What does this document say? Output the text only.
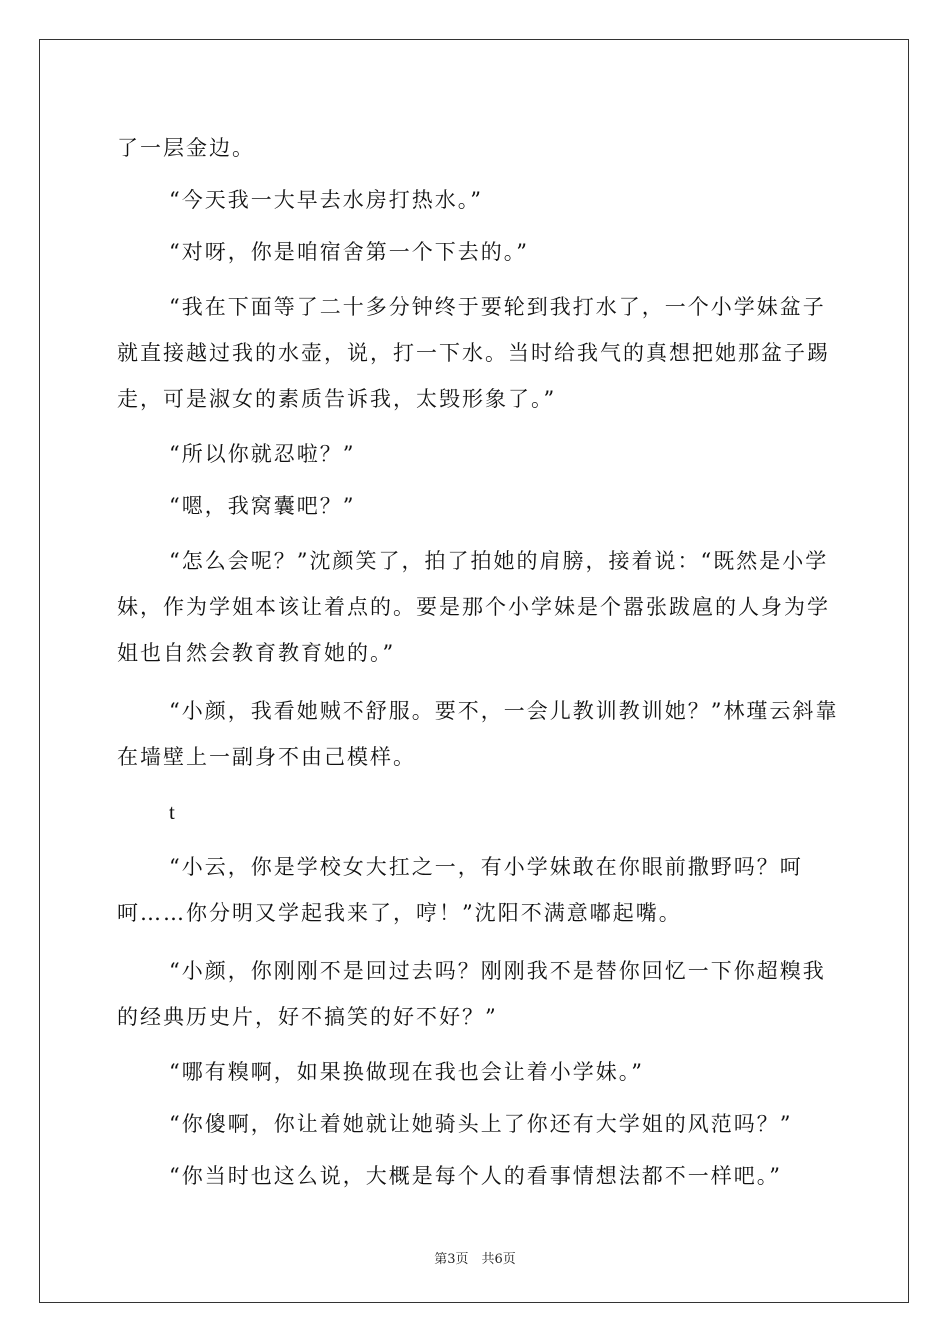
了一层金边。

“今天我一大早去水房打热水。”

“对呀，你是咱宿舍第一个下去的。”

“我在下面等了二十多分钟终于要轮到我打水了，一个小学妹盆子就直接越过我的水壶，说，打一下水。当时给我气的真想把她那盆子踢走，可是淑女的素质告诉我，太毁形象了。”

“所以你就忍啦？”

“嗯，我窝囊吧？”

“怎么会呢？”沈颜笑了，拍了拍她的肩膀，接着说：“既然是小学妹，作为学姐本该让着点的。要是那个小学妹是个嚣张跋扈的人身为学姐也自然会教育教育她的。”

“小颜，我看她贼不舒服。要不，一会儿教训教训她？”林瑾云斜靠在墙壁上一副身不由己模样。

t

“小云，你是学校女大扛之一，有小学妹敢在你眼前撒野吗？呵呵……你分明又学起我来了，哼！”沈阳不满意嘟起嘴。

“小颜，你刚刚不是回过去吗？刚刚我不是替你回忆一下你超糗我的经典历史片，好不搞笑的好不好？”

“哪有糗啊，如果换做现在我也会让着小学妹。”

“你傻啊，你让着她就让她骑头上了你还有大学姐的风范吗？”

“你当时也这么说，大概是每个人的看事情想法都不一样吧。”

第3页　共6页
